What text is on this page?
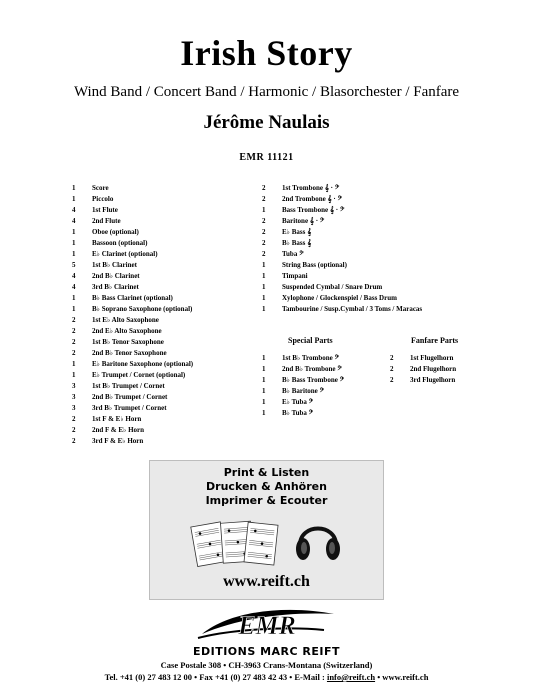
Irish Story
Wind Band / Concert Band / Harmonic / Blasorchester / Fanfare
Jérôme Naulais
EMR 11121
1	Score
1	Piccolo
4	1st Flute
4	2nd Flute
1	Oboe (optional)
1	Bassoon (optional)
1	E♭ Clarinet (optional)
5	1st B♭ Clarinet
4	2nd B♭ Clarinet
4	3rd B♭ Clarinet
1	B♭ Bass Clarinet (optional)
1	B♭ Soprano Saxophone (optional)
2	1st E♭ Alto Saxophone
2	2nd E♭ Alto Saxophone
2	1st B♭ Tenor Saxophone
2	2nd B♭ Tenor Saxophone
1	E♭ Baritone Saxophone (optional)
1	E♭ Trumpet / Cornet (optional)
3	1st B♭ Trumpet / Cornet
3	2nd B♭ Trumpet / Cornet
3	3rd B♭ Trumpet / Cornet
2	1st F & E♭ Horn
2	2nd F & E♭ Horn
2	3rd F & E♭ Horn
2	1st Trombone 𝄞 · 𝄢
2	2nd Trombone 𝄞 · 𝄢
1	Bass Trombone 𝄞 · 𝄢
2	Baritone 𝄞 · 𝄢
2	E♭ Bass 𝄞
2	B♭ Bass 𝄞
2	Tuba 𝄢
1	String Bass (optional)
1	Timpani
1	Suspended Cymbal / Snare Drum
1	Xylophone / Glockenspiel / Bass Drum
1	Tambourine / Susp.Cymbal / 3 Toms / Maracas
Special Parts	Fanfare Parts
1	1st B♭ Trombone 𝄢
1	2nd B♭ Trombone 𝄢
1	B♭ Bass Trombone 𝄢
1	B♭ Baritone 𝄢
1	E♭ Tuba 𝄢
1	B♭ Tuba 𝄢
2	1st Flugelhorn
2	2nd Flugelhorn
2	3rd Flugelhorn
Print & Listen
Drucken & Anhören
Imprimer & Ecouter
www.reift.ch
EMR
EDITIONS MARC REIFT
Case Postale 308 • CH-3963 Crans-Montana (Switzerland)
Tel. +41 (0) 27 483 12 00 • Fax +41 (0) 27 483 42 43 • E-Mail : info@reift.ch • www.reift.ch
